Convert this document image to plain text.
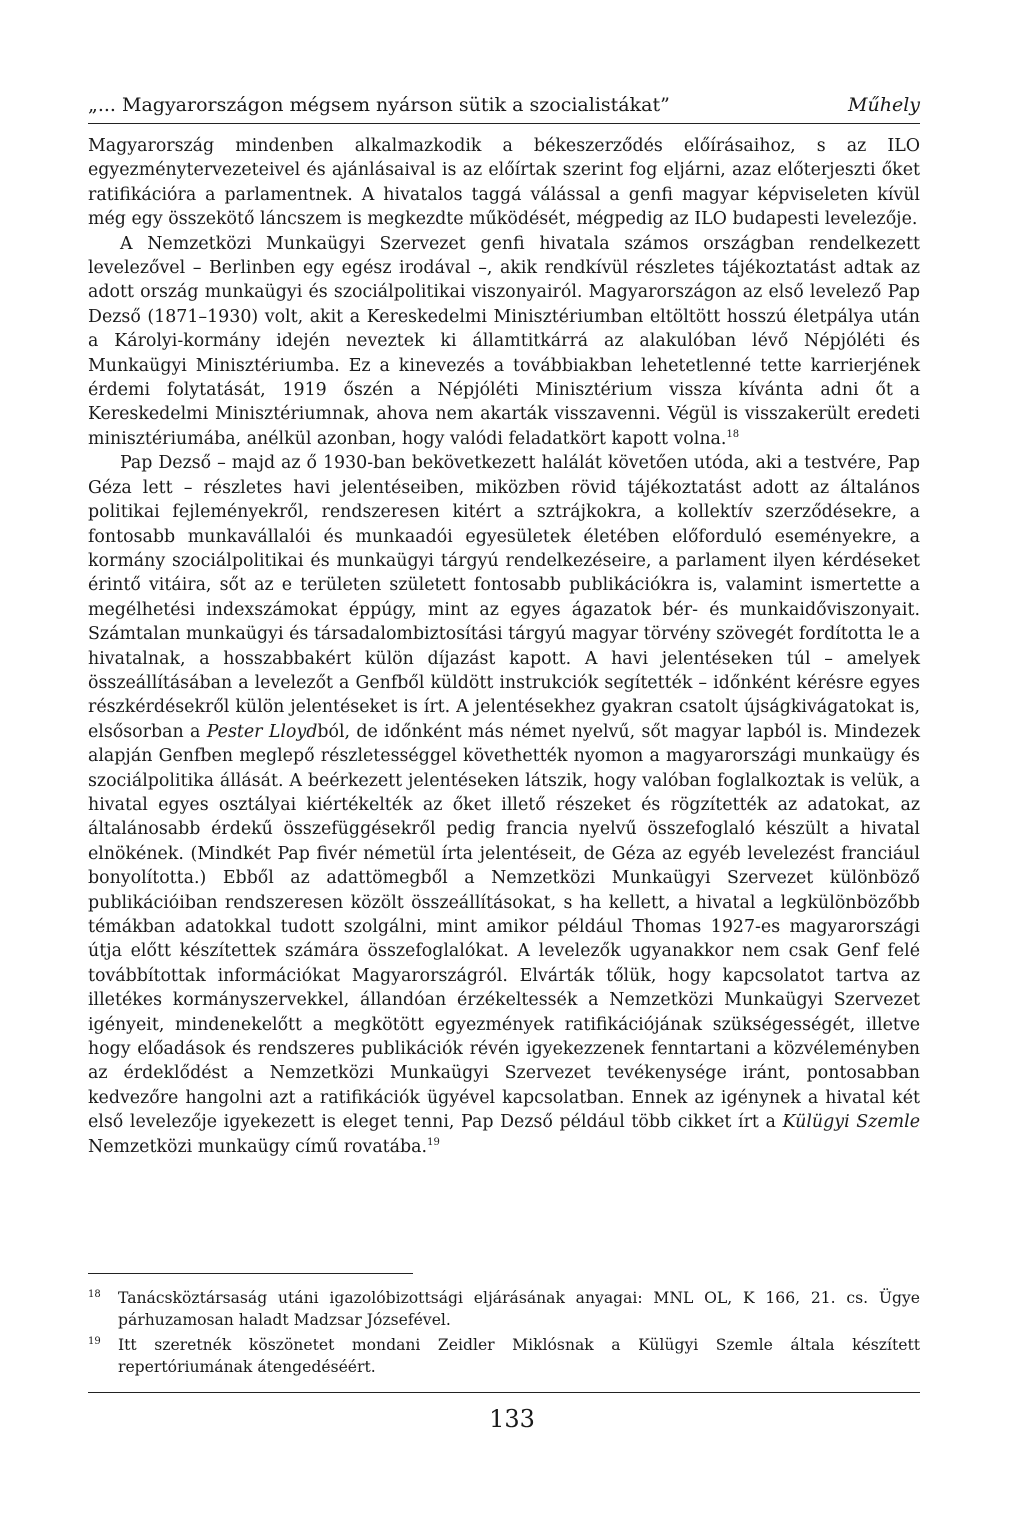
„... Magyarországon mégsem nyárson sütik a szocialistákat”	Műhely

Magyarország mindenben alkalmazkodik a békeszerződés előírásaihoz, s az ILO egyezménytervezeteivel és ajánlásaival is az előírtak szerint fog eljárni, azaz előterjeszti őket ratifikációra a parlamentnek. A hivatalos taggá válással a genfi magyar képviseleten kívül még egy összekötő láncszem is megkezdte működését, mégpedig az ILO budapesti levelezője.

A Nemzetközi Munkaügyi Szervezet genfi hivatala számos országban rendelkezett levelezővel – Berlinben egy egész irodával –, akik rendkívül részletes tájékoztatást adtak az adott ország munkaügyi és szociálpolitikai viszonyairól. Magyarországon az első levelező Pap Dezső (1871–1930) volt, akit a Kereskedelmi Minisztériumban eltöltött hosszú életpálya után a Károlyi-kormány idején neveztek ki államtitkárrá az alakulóban lévő Népjóléti és Munkaügyi Minisztériumba. Ez a kinevezés a továbbiakban lehetetlenné tette karrierjének érdemi folytatását, 1919 őszén a Népjóléti Minisztérium vissza kívánta adni őt a Kereskedelmi Minisztériumnak, ahova nem akarták visszavenni. Végül is visszakerült eredeti minisztériumába, anélkül azonban, hogy valódi feladatkört kapott volna.$^{18}$

Pap Dezső – majd az ő 1930-ban bekövetkezett halálát követően utóda, aki a testvére, Pap Géza lett – részletes havi jelentéseiben, miközben rövid tájékoztatást adott az általános politikai fejleményekről, rendszeresen kitért a sztrájkokra, a kollektív szerződésekre, a fontosabb munkavállalói és munkaadói egyesületek életében előforduló eseményekre, a kormány szociálpolitikai és munkaügyi tárgyú rendelkezéseire, a parlament ilyen kérdéseket érintő vitáira, sőt az e területen született fontosabb publikációkra is, valamint ismertette a megélhetési indexszámokat éppúgy, mint az egyes ágazatok bér- és munkaidőviszonyait. Számtalan munkaügyi és társadalombiztosítási tárgyú magyar törvény szövegét fordította le a hivatalnak, a hosszabbakért külön díjazást kapott. A havi jelentéseken túl – amelyek összeállításában a levelezőt a Genfből küldött instrukciók segítették – időnként kérésre egyes részkérdésekről külön jelentéseket is írt. A jelentésekhez gyakran csatolt újságkivágatokat is, elsősorban a Pester Lloydból, de időnként más német nyelvű, sőt magyar lapból is. Mindezek alapján Genfben meglepő részletességgel követhették nyomon a magyarországi munkaügy és szociálpolitika állását. A beérkezett jelentéseken látszik, hogy valóban foglalkoztak is velük, a hivatal egyes osztályai kiértékelték az őket illető részeket és rögzítették az adatokat, az általánosabb érdekű összefüggésekről pedig francia nyelvű összefoglaló készült a hivatal elnökének. (Mindkét Pap fivér németül írta jelentéseit, de Géza az egyéb levelezést franciául bonyolította.) Ebből az adattömegből a Nemzetközi Munkaügyi Szervezet különböző publikációiban rendszeresen közölt összeállításokat, s ha kellett, a hivatal a legkülönbözőbb témákban adatokkal tudott szolgálni, mint amikor például Thomas 1927-es magyarországi útja előtt készítettek számára összefoglalókat. A levelezők ugyanakkor nem csak Genf felé továbbítottak információkat Magyarországról. Elvárták tőlük, hogy kapcsolatot tartva az illetékes kormányszervekkel, állandóan érzékeltessék a Nemzetközi Munkaügyi Szervezet igényeit, mindenekelőtt a megkötött egyezmények ratifikációjának szükségességét, illetve hogy előadások és rendszeres publikációk révén igyekezzenek fenntartani a közvéleményben az érdeklődést a Nemzetközi Munkaügyi Szervezet tevékenysége iránt, pontosabban kedvezőre hangolni azt a ratifikációk ügyével kapcsolatban. Ennek az igénynek a hivatal két első levelezője igyekezett is eleget tenni, Pap Dezső például több cikket írt a Külügyi Szemle Nemzetközi munkaügy című rovatába.$^{19}$

18 Tanácsköztársaság utáni igazolóbizottsági eljárásának anyagai: MNL OL, K 166, 21. cs. Ügye párhuzamosan haladt Madzsar Józsefével.
19 Itt szeretnék köszönetet mondani Zeidler Miklósnak a Külügyi Szemle általa készített repertóriumának átengedéséért.
133
